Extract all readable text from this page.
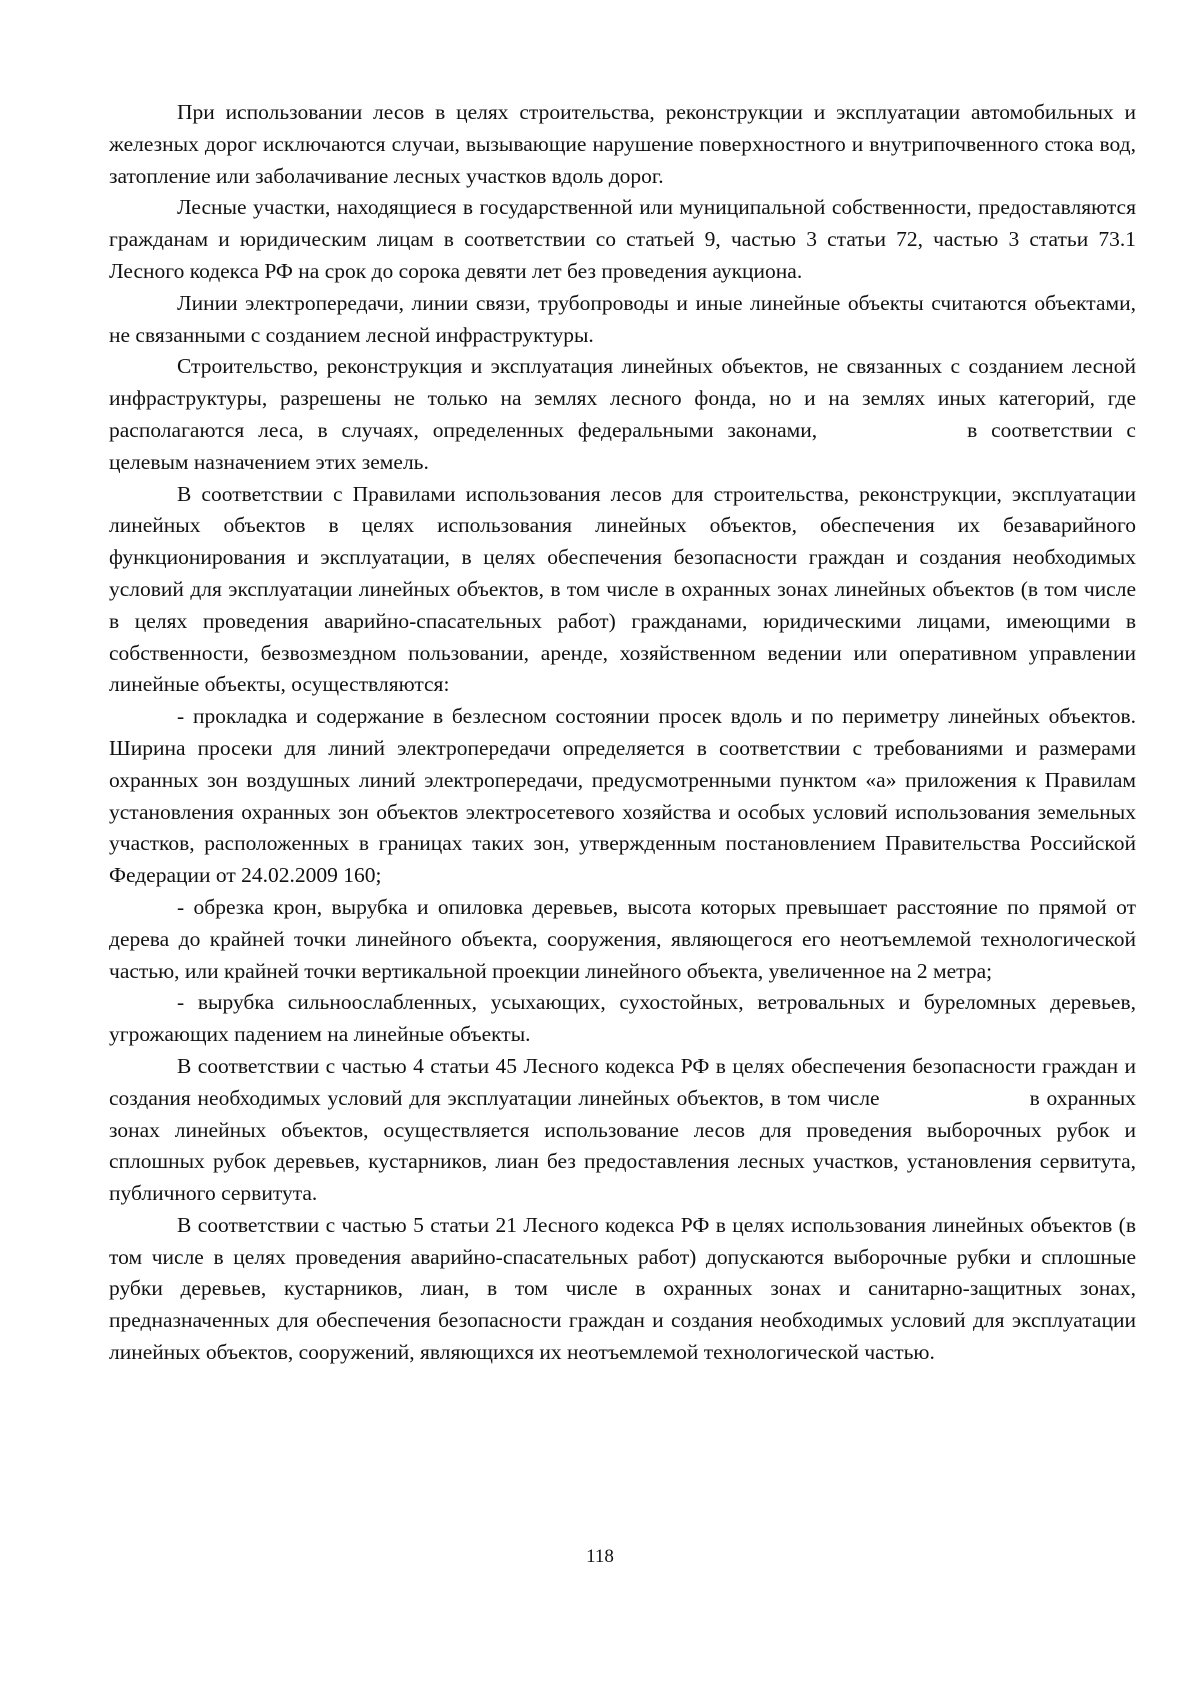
При использовании лесов в целях строительства, реконструкции и эксплуатации автомобильных и железных дорог исключаются случаи, вызывающие нарушение поверхностного и внутрипочвенного стока вод, затопление или заболачивание лесных участков вдоль дорог.

Лесные участки, находящиеся в государственной или муниципальной собственности, предоставляются гражданам и юридическим лицам в соответствии со статьей 9, частью 3 статьи 72, частью 3 статьи 73.1 Лесного кодекса РФ на срок до сорока девяти лет без проведения аукциона.

Линии электропередачи, линии связи, трубопроводы и иные линейные объекты считаются объектами, не связанными с созданием лесной инфраструктуры.

Строительство, реконструкция и эксплуатация линейных объектов, не связанных с созданием лесной инфраструктуры, разрешены не только на землях лесного фонда, но и на землях иных категорий, где располагаются леса, в случаях, определенных федеральными законами,	в соответствии с целевым назначением этих земель.

В соответствии с Правилами использования лесов для строительства, реконструкции, эксплуатации линейных объектов в целях использования линейных объектов, обеспечения их безаварийного функционирования и эксплуатации, в целях обеспечения безопасности граждан и создания необходимых условий для эксплуатации линейных объектов, в том числе в охранных зонах линейных объектов (в том числе в целях проведения аварийно-спасательных работ) гражданами, юридическими лицами, имеющими в собственности, безвозмездном пользовании, аренде, хозяйственном ведении или оперативном управлении линейные объекты, осуществляются:

- прокладка и содержание в безлесном состоянии просек вдоль и по периметру линейных объектов. Ширина просеки для линий электропередачи определяется в соответствии с требованиями и размерами охранных зон воздушных линий электропередачи, предусмотренными пунктом «а» приложения к Правилам установления охранных зон объектов электросетевого хозяйства и особых условий использования земельных участков, расположенных в границах таких зон, утвержденным постановлением Правительства Российской Федерации от 24.02.2009 160;

- обрезка крон, вырубка и опиловка деревьев, высота которых превышает расстояние по прямой от дерева до крайней точки линейного объекта, сооружения, являющегося его неотъемлемой технологической частью, или крайней точки вертикальной проекции линейного объекта, увеличенное на 2 метра;

- вырубка сильноослабленных, усыхающих, сухостойных, ветровальных и буреломных деревьев, угрожающих падением на линейные объекты.

В соответствии с частью 4 статьи 45 Лесного кодекса РФ в целях обеспечения безопасности граждан и создания необходимых условий для эксплуатации линейных объектов, в том числе	в охранных зонах линейных объектов, осуществляется использование лесов для проведения выборочных рубок и сплошных рубок деревьев, кустарников, лиан без предоставления лесных участков, установления сервитута, публичного сервитута.

В соответствии с частью 5 статьи 21 Лесного кодекса РФ в целях использования линейных объектов (в том числе в целях проведения аварийно-спасательных работ) допускаются выборочные рубки и сплошные рубки деревьев, кустарников, лиан, в том числе в охранных зонах и санитарно-защитных зонах, предназначенных для обеспечения безопасности граждан и создания необходимых условий для эксплуатации линейных объектов, сооружений, являющихся их неотъемлемой технологической частью.

118
